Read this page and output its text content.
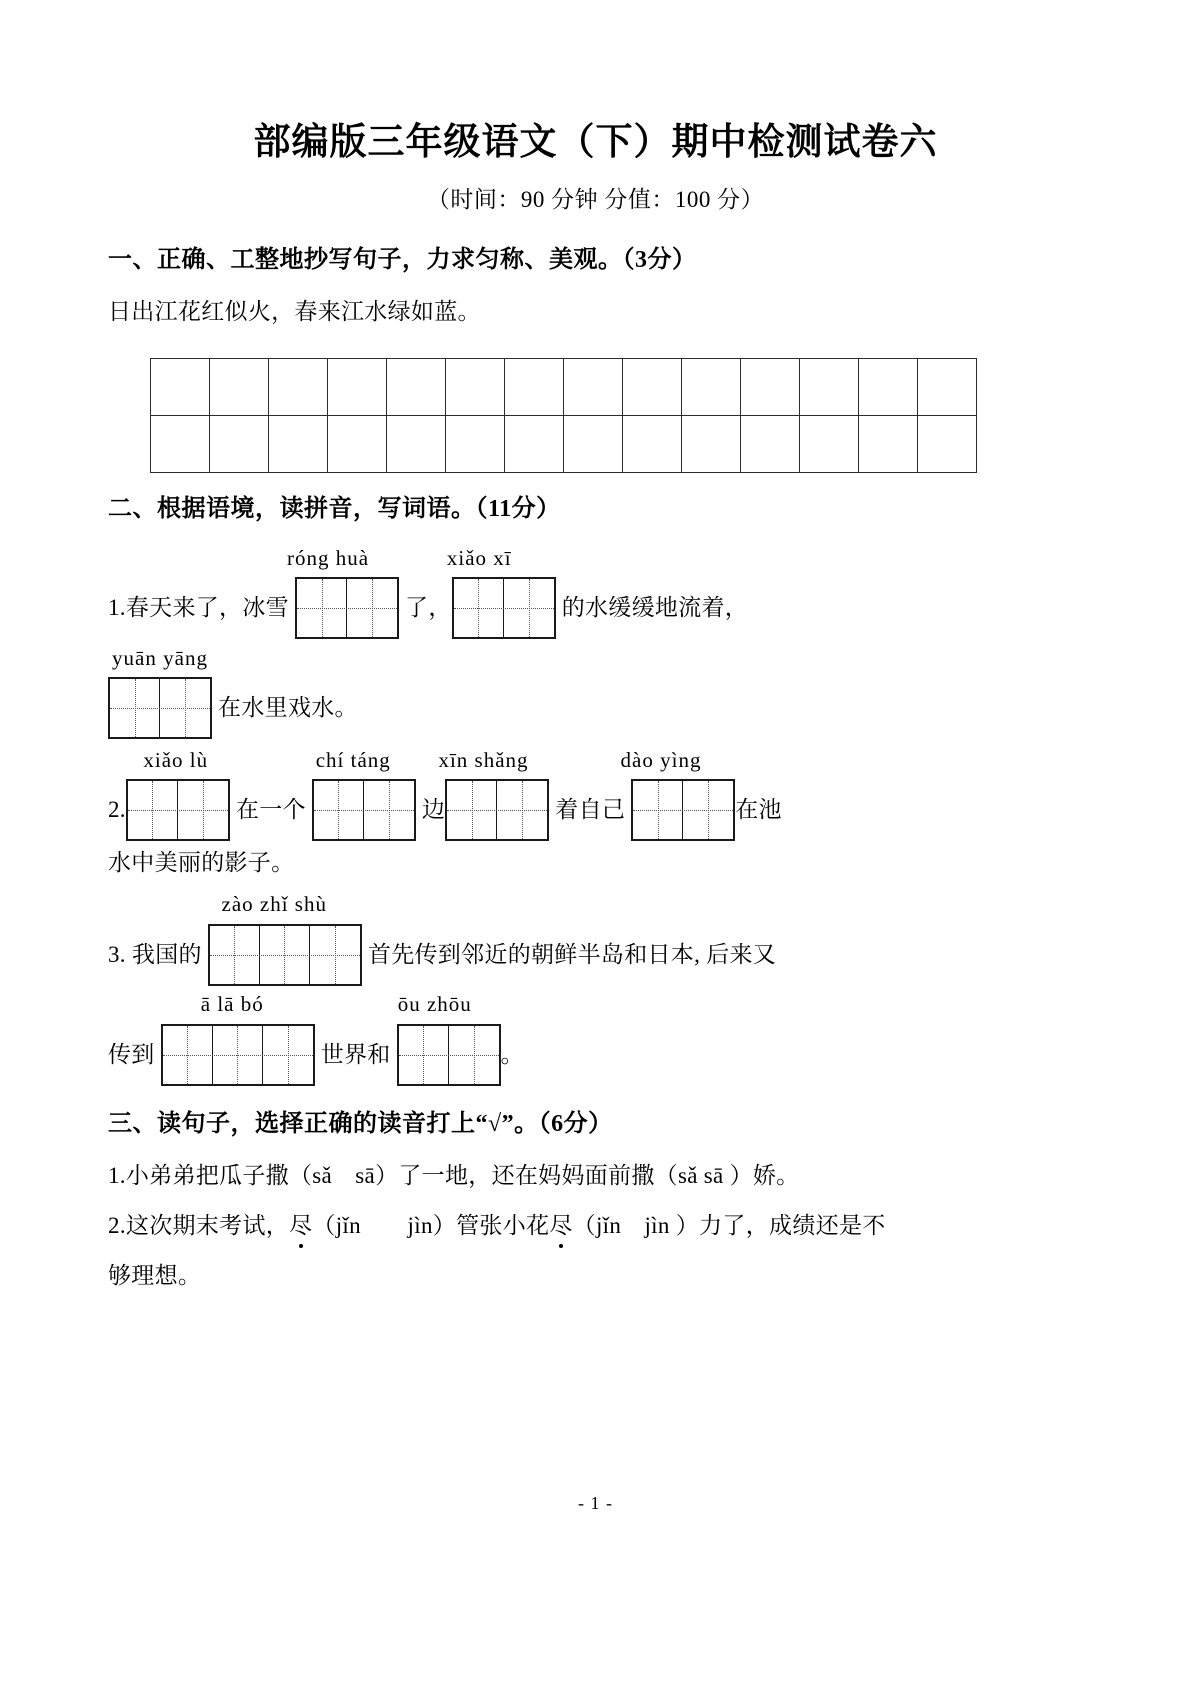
部编版三年级语文（下）期中检测试卷六
（时间：90 分钟 分值：100 分）
一、正确、工整地抄写句子，力求匀称、美观。（3分）
日出江花红似火，春来江水绿如蓝。

二、根据语境，读拼音，写词语。（11分）
róng huà	xiǎo xī
1.春天来了，冰雪	了，	的水缓缓地流着，
yuān yāng
在水里戏水。
xiǎo lù	chí táng	xīn shǎng	dào yìng
2.	在一个	边	着自己	在池
水中美丽的影子。
zào zhǐ shù
3. 我国的	首先传到邻近的朝鲜半岛和日本, 后来又
ā lā bó	ōu zhōu
传到	世界和	。
三、读句子，选择正确的读音打上“√”。（6分）
1.小弟弟把瓜子撒（sǎ　sā）了一地，还在妈妈面前撒（sǎ sā ）娇。
2.这次期末考试，尽（jǐn　　 jìn）管张小花尽（jǐn　 jìn ）力了，成绩还是不
够理想。
- 1 -
